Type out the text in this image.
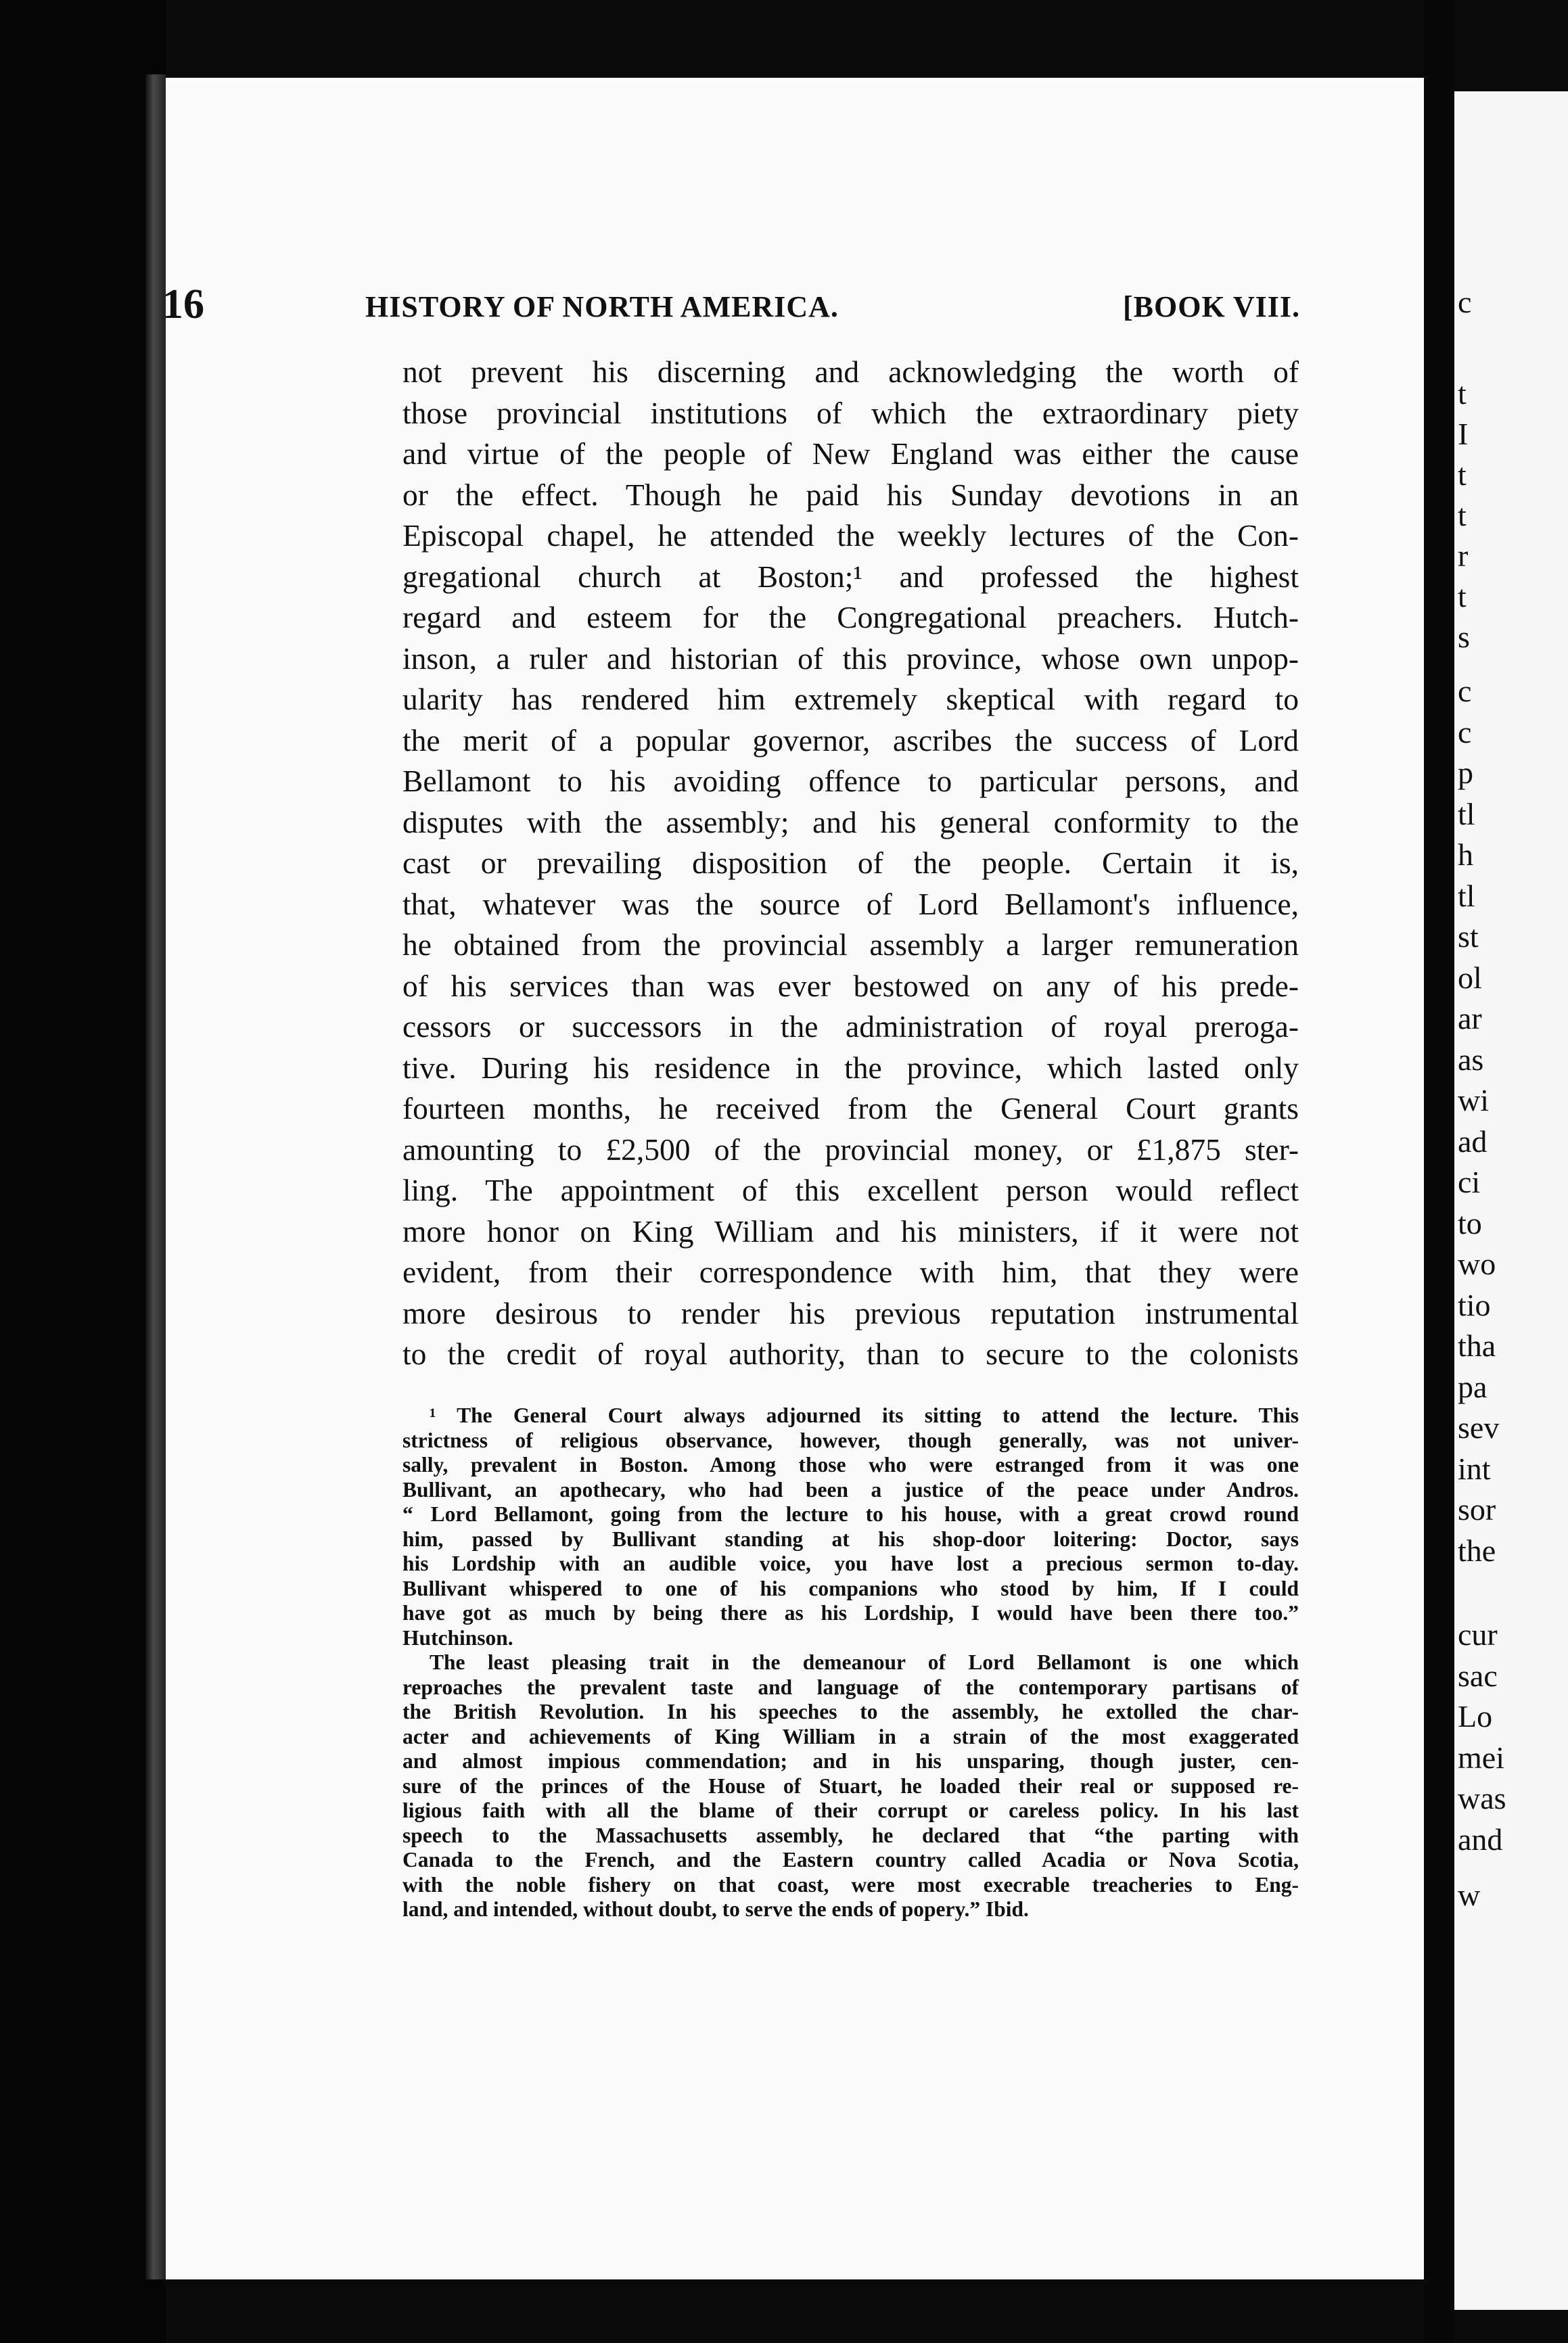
c
t
I
t
t
r
t
s
c
c
p
tl
h
tl
st
ol
ar
as
wi
ad
ci
to
wo
tio
tha
pa
sev
int
sor
the
cur
sac
Lo
mei
was
and
w
16	HISTORY OF NORTH AMERICA.	[BOOK VIII.
not prevent his discerning and acknowledging the worth of
those provincial institutions of which the extraordinary piety
and virtue of the people of New England was either the cause
or the effect. Though he paid his Sunday devotions in an
Episcopal chapel, he attended the weekly lectures of the Con-
gregational church at Boston;¹ and professed the highest
regard and esteem for the Congregational preachers. Hutch-
inson, a ruler and historian of this province, whose own unpop-
ularity has rendered him extremely skeptical with regard to
the merit of a popular governor, ascribes the success of Lord
Bellamont to his avoiding offence to particular persons, and
disputes with the assembly; and his general conformity to the
cast or prevailing disposition of the people. Certain it is,
that, whatever was the source of Lord Bellamont's influence,
he obtained from the provincial assembly a larger remuneration
of his services than was ever bestowed on any of his prede-
cessors or successors in the administration of royal preroga-
tive. During his residence in the province, which lasted only
fourteen months, he received from the General Court grants
amounting to £2,500 of the provincial money, or £1,875 ster-
ling. The appointment of this excellent person would reflect
more honor on King William and his ministers, if it were not
evident, from their correspondence with him, that they were
more desirous to render his previous reputation instrumental
to the credit of royal authority, than to secure to the colonists
¹ The General Court always adjourned its sitting to attend the lecture. This
strictness of religious observance, however, though generally, was not univer-
sally, prevalent in Boston. Among those who were estranged from it was one
Bullivant, an apothecary, who had been a justice of the peace under Andros.
“ Lord Bellamont, going from the lecture to his house, with a great crowd round
him, passed by Bullivant standing at his shop-door loitering: Doctor, says
his Lordship with an audible voice, you have lost a precious sermon to-day.
Bullivant whispered to one of his companions who stood by him, If I could
have got as much by being there as his Lordship, I would have been there too.”
Hutchinson.
The least pleasing trait in the demeanour of Lord Bellamont is one which
reproaches the prevalent taste and language of the contemporary partisans of
the British Revolution. In his speeches to the assembly, he extolled the char-
acter and achievements of King William in a strain of the most exaggerated
and almost impious commendation; and in his unsparing, though juster, cen-
sure of the princes of the House of Stuart, he loaded their real or supposed re-
ligious faith with all the blame of their corrupt or careless policy. In his last
speech to the Massachusetts assembly, he declared that “the parting with
Canada to the French, and the Eastern country called Acadia or Nova Scotia,
with the noble fishery on that coast, were most execrable treacheries to Eng-
land, and intended, without doubt, to serve the ends of popery.” Ibid.
